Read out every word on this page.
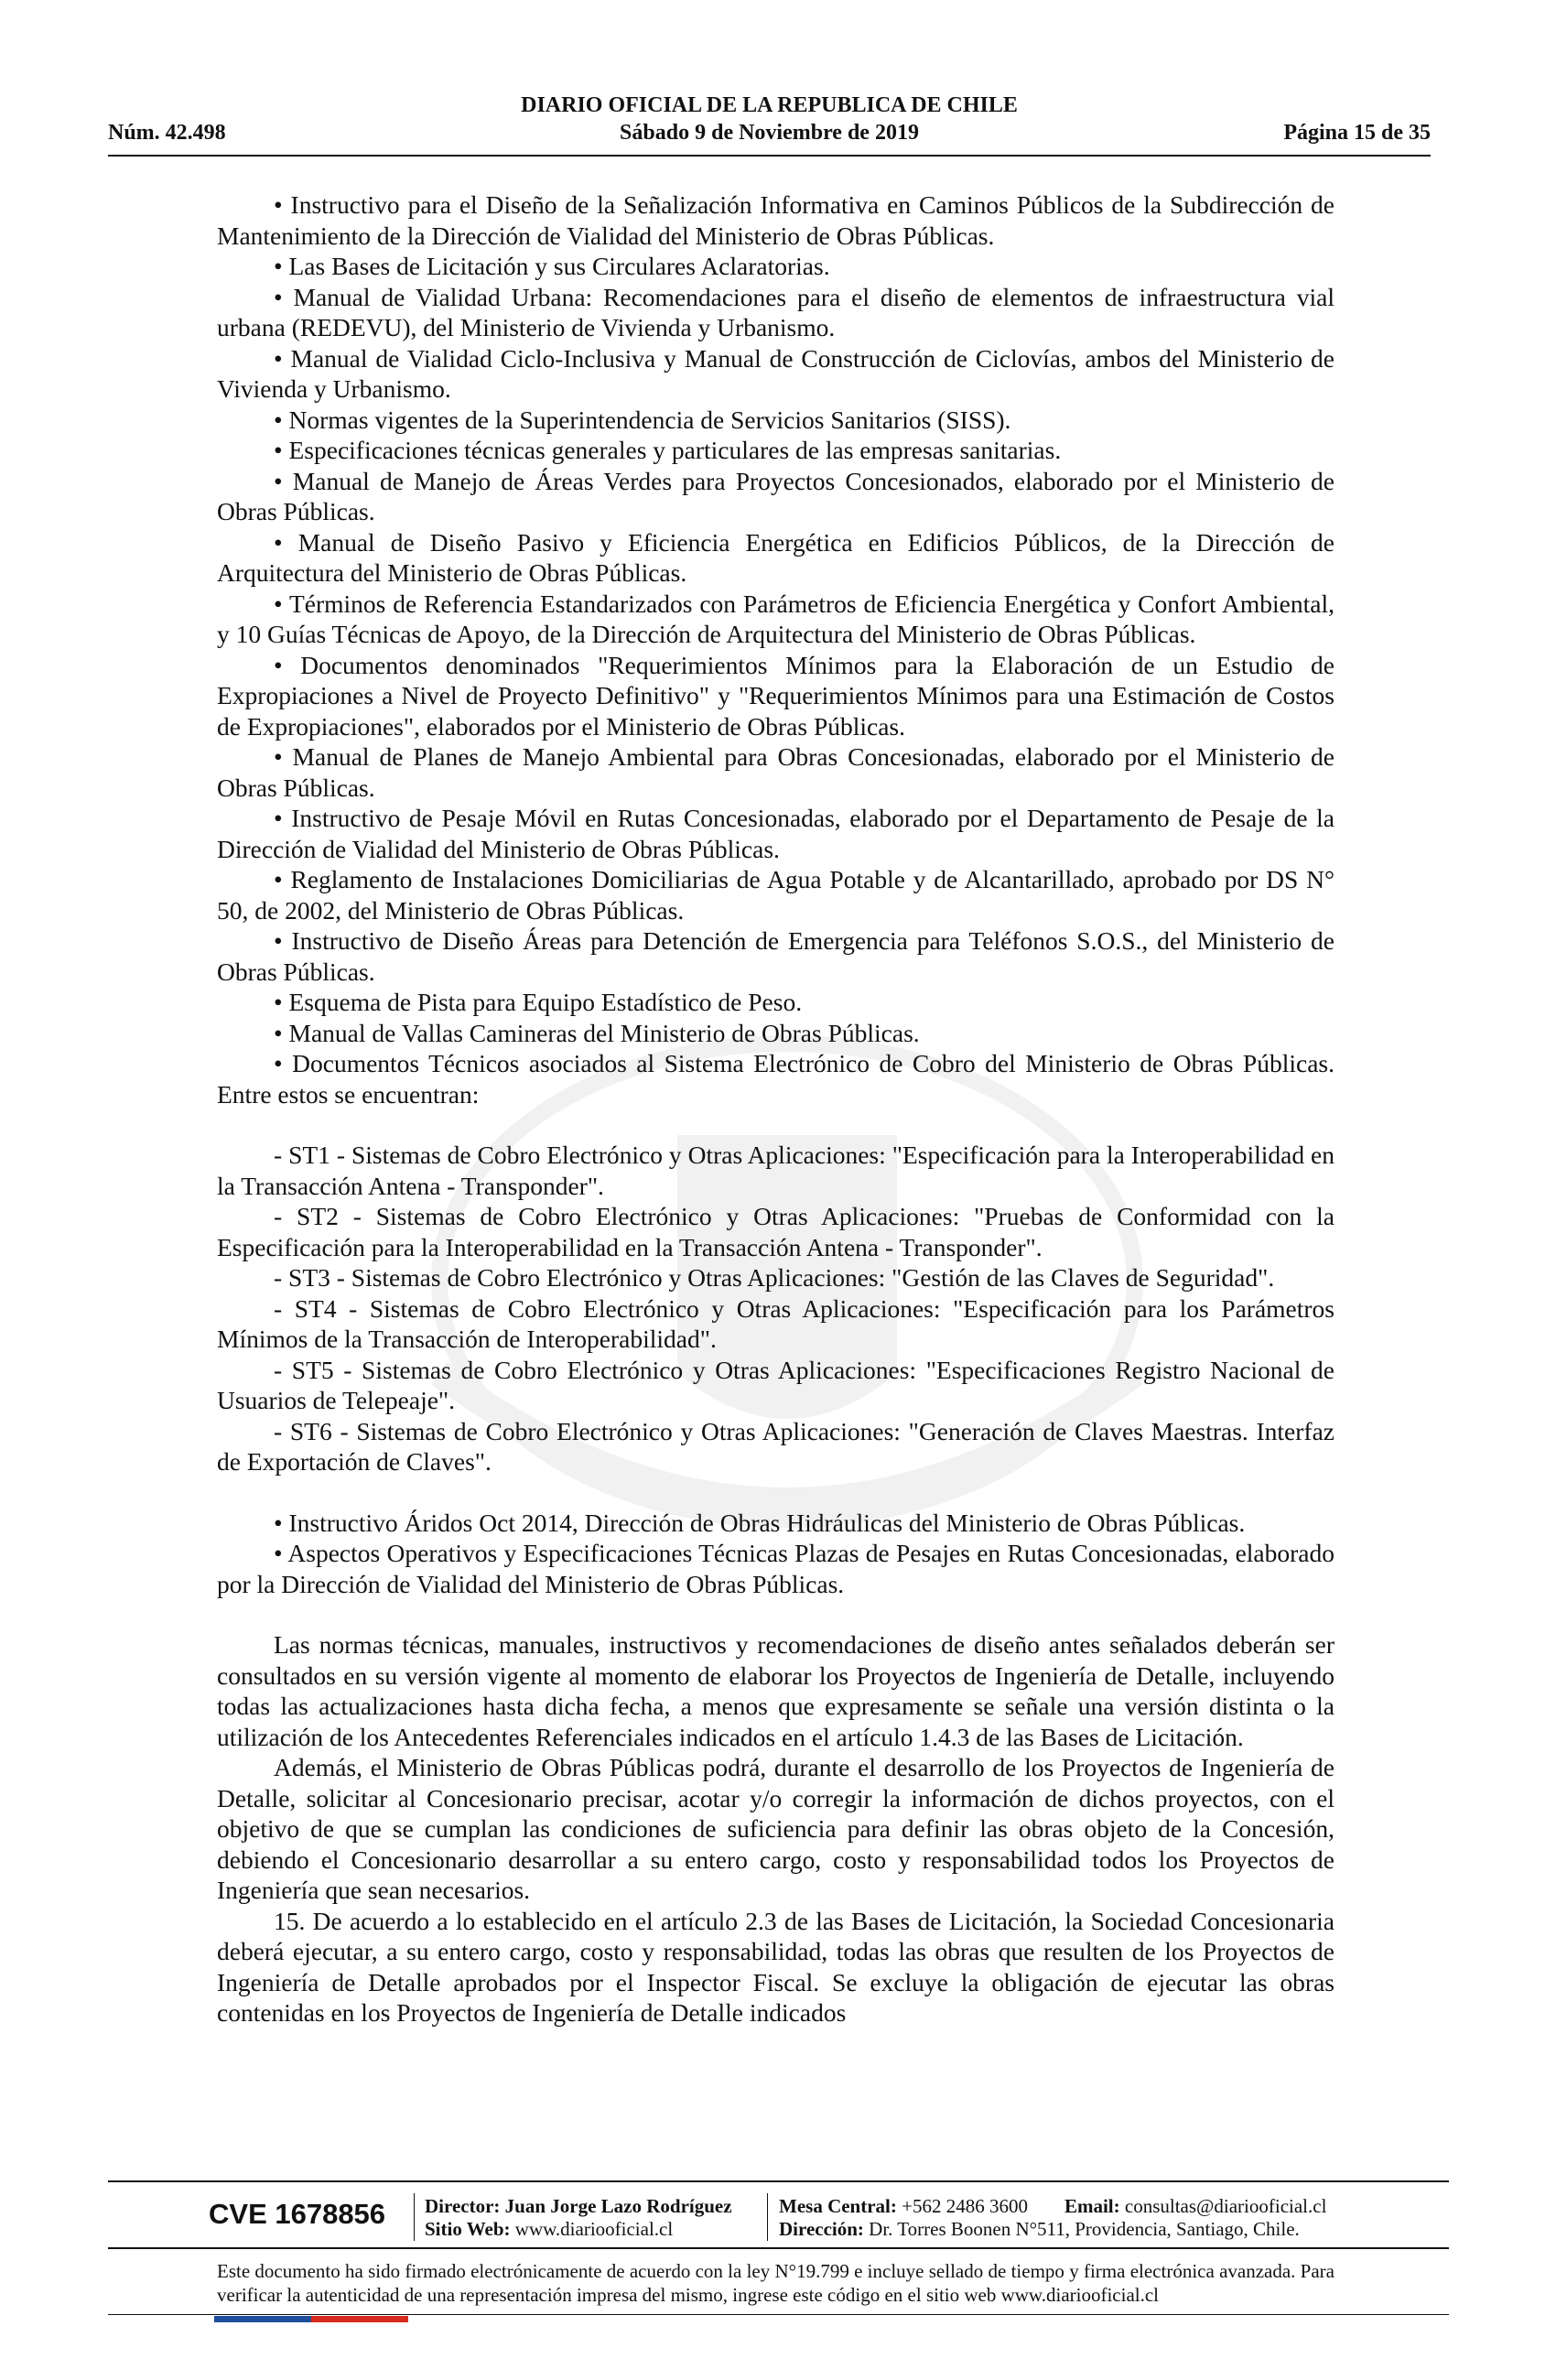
DIARIO OFICIAL DE LA REPUBLICA DE CHILE
Núm. 42.498	Sábado 9 de Noviembre de 2019	Página 15 de 35

• Instructivo para el Diseño de la Señalización Informativa en Caminos Públicos de la Subdirección de Mantenimiento de la Dirección de Vialidad del Ministerio de Obras Públicas.

• Las Bases de Licitación y sus Circulares Aclaratorias.

• Manual de Vialidad Urbana: Recomendaciones para el diseño de elementos de infraestructura vial urbana (REDEVU), del Ministerio de Vivienda y Urbanismo.

• Manual de Vialidad Ciclo-Inclusiva y Manual de Construcción de Ciclovías, ambos del Ministerio de Vivienda y Urbanismo.

• Normas vigentes de la Superintendencia de Servicios Sanitarios (SISS).

• Especificaciones técnicas generales y particulares de las empresas sanitarias.

• Manual de Manejo de Áreas Verdes para Proyectos Concesionados, elaborado por el Ministerio de Obras Públicas.

• Manual de Diseño Pasivo y Eficiencia Energética en Edificios Públicos, de la Dirección de Arquitectura del Ministerio de Obras Públicas.

• Términos de Referencia Estandarizados con Parámetros de Eficiencia Energética y Confort Ambiental, y 10 Guías Técnicas de Apoyo, de la Dirección de Arquitectura del Ministerio de Obras Públicas.

• Documentos denominados "Requerimientos Mínimos para la Elaboración de un Estudio de Expropiaciones a Nivel de Proyecto Definitivo" y "Requerimientos Mínimos para una Estimación de Costos de Expropiaciones", elaborados por el Ministerio de Obras Públicas.

• Manual de Planes de Manejo Ambiental para Obras Concesionadas, elaborado por el Ministerio de Obras Públicas.

• Instructivo de Pesaje Móvil en Rutas Concesionadas, elaborado por el Departamento de Pesaje de la Dirección de Vialidad del Ministerio de Obras Públicas.

• Reglamento de Instalaciones Domiciliarias de Agua Potable y de Alcantarillado, aprobado por DS N° 50, de 2002, del Ministerio de Obras Públicas.

• Instructivo de Diseño Áreas para Detención de Emergencia para Teléfonos S.O.S., del Ministerio de Obras Públicas.

• Esquema de Pista para Equipo Estadístico de Peso.

• Manual de Vallas Camineras del Ministerio de Obras Públicas.

• Documentos Técnicos asociados al Sistema Electrónico de Cobro del Ministerio de Obras Públicas. Entre estos se encuentran:

- ST1 - Sistemas de Cobro Electrónico y Otras Aplicaciones: "Especificación para la Interoperabilidad en la Transacción Antena - Transponder".

- ST2 - Sistemas de Cobro Electrónico y Otras Aplicaciones: "Pruebas de Conformidad con la Especificación para la Interoperabilidad en la Transacción Antena - Transponder".

- ST3 - Sistemas de Cobro Electrónico y Otras Aplicaciones: "Gestión de las Claves de Seguridad".

- ST4 - Sistemas de Cobro Electrónico y Otras Aplicaciones: "Especificación para los Parámetros Mínimos de la Transacción de Interoperabilidad".

- ST5 - Sistemas de Cobro Electrónico y Otras Aplicaciones: "Especificaciones Registro Nacional de Usuarios de Telepeaje".

- ST6 - Sistemas de Cobro Electrónico y Otras Aplicaciones: "Generación de Claves Maestras. Interfaz de Exportación de Claves".

• Instructivo Áridos Oct 2014, Dirección de Obras Hidráulicas del Ministerio de Obras Públicas.

• Aspectos Operativos y Especificaciones Técnicas Plazas de Pesajes en Rutas Concesionadas, elaborado por la Dirección de Vialidad del Ministerio de Obras Públicas.

Las normas técnicas, manuales, instructivos y recomendaciones de diseño antes señalados deberán ser consultados en su versión vigente al momento de elaborar los Proyectos de Ingeniería de Detalle, incluyendo todas las actualizaciones hasta dicha fecha, a menos que expresamente se señale una versión distinta o la utilización de los Antecedentes Referenciales indicados en el artículo 1.4.3 de las Bases de Licitación.

Además, el Ministerio de Obras Públicas podrá, durante el desarrollo de los Proyectos de Ingeniería de Detalle, solicitar al Concesionario precisar, acotar y/o corregir la información de dichos proyectos, con el objetivo de que se cumplan las condiciones de suficiencia para definir las obras objeto de la Concesión, debiendo el Concesionario desarrollar a su entero cargo, costo y responsabilidad todos los Proyectos de Ingeniería que sean necesarios.

15. De acuerdo a lo establecido en el artículo 2.3 de las Bases de Licitación, la Sociedad Concesionaria deberá ejecutar, a su entero cargo, costo y responsabilidad, todas las obras que resulten de los Proyectos de Ingeniería de Detalle aprobados por el Inspector Fiscal. Se excluye la obligación de ejecutar las obras contenidas en los Proyectos de Ingeniería de Detalle indicados

CVE 1678856 Director: Juan Jorge Lazo Rodríguez
Sitio Web: www.diariooficial.cl
Mesa Central: +562 2486 3600 Email: consultas@diariooficial.cl
Dirección: Dr. Torres Boonen N°511, Providencia, Santiago, Chile.
Este documento ha sido firmado electrónicamente de acuerdo con la ley N°19.799 e incluye sellado de tiempo y firma electrónica avanzada. Para verificar la autenticidad de una representación impresa del mismo, ingrese este código en el sitio web www.diariooficial.cl
